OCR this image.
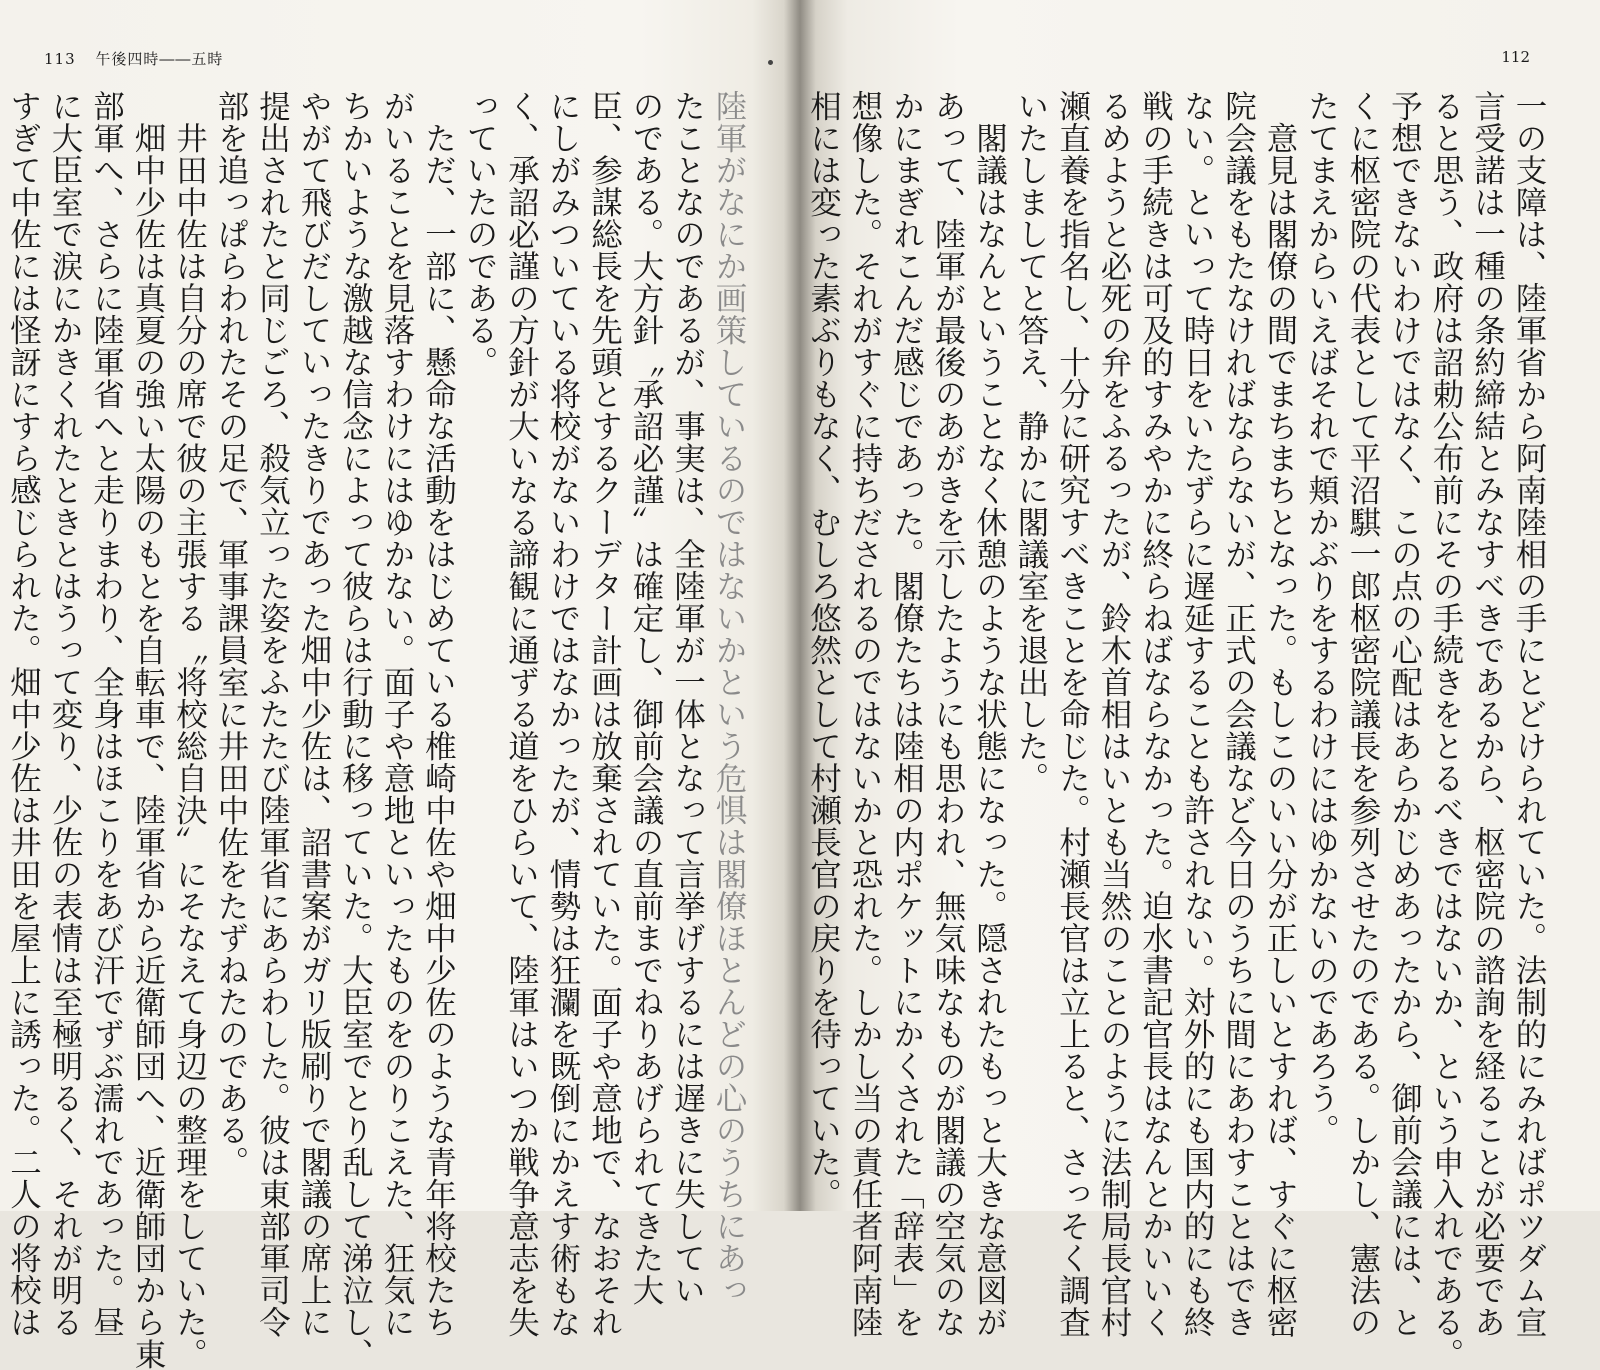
113 午後四時――五時
陸軍がなにか画策しているのではないかという危惧は閣僚ほとんどの心のうちにあっ
たことなのであるが、事実は、全陸軍が一体となって言挙げするには遅きに失してい
のである。大方針〝承詔必謹〟は確定し、御前会議の直前までねりあげられてきた大
臣、参謀総長を先頭とするクーデター計画は放棄されていた。面子や意地で、なおそれ
にしがみついている将校がないわけではなかったが、情勢は狂瀾を既倒にかえす術もな
く、承詔必謹の方針が大いなる諦観に通ずる道をひらいて、陸軍はいつか戦争意志を失
っていたのである。
　ただ、一部に、懸命な活動をはじめている椎崎中佐や畑中少佐のような青年将校たち
がいることを見落すわけにはゆかない。面子や意地といったものをのりこえた、狂気に
ちかいような激越な信念によって彼らは行動に移っていた。大臣室でとり乱して涕泣し、
やがて飛びだしていったきりであった畑中少佐は、詔書案がガリ版刷りで閣議の席上に
提出されたと同じごろ、殺気立った姿をふたたび陸軍省にあらわした。彼は東部軍司令
部を追っぱらわれたその足で、軍事課員室に井田中佐をたずねたのである。
　井田中佐は自分の席で彼の主張する〝将校総自決〟にそなえて身辺の整理をしていた。
　畑中少佐は真夏の強い太陽のもとを自転車で、陸軍省から近衛師団へ、近衛師団から東
部軍へ、さらに陸軍省へと走りまわり、全身はほこりをあび汗でずぶ濡れであった。昼
に大臣室で涙にかきくれたときとはうって変り、少佐の表情は至極明るく、それが明る
すぎて中佐には怪訝にすら感じられた。畑中少佐は井田を屋上に誘った。二人の将校は
112
一の支障は、陸軍省から阿南陸相の手にとどけられていた。法制的にみればポツダム宣
言受諾は一種の条約締結とみなすべきであるから、枢密院の諮詢を経ることが必要であ
ると思う、政府は詔勅公布前にその手続きをとるべきではないか、という申入れである。
予想できないわけではなく、この点の心配はあらかじめあったから、御前会議には、と
くに枢密院の代表として平沼騏一郎枢密院議長を参列させたのである。しかし、憲法の
たてまえからいえばそれで頬かぶりをするわけにはゆかないのであろう。
　意見は閣僚の間でまちまちとなった。もしこのいい分が正しいとすれば、すぐに枢密
院会議をもたなければならないが、正式の会議など今日のうちに間にあわすことはでき
ない。といって時日をいたずらに遅延することも許されない。対外的にも国内的にも終
戦の手続きは可及的すみやかに終らねばならなかった。迫水書記官長はなんとかいいく
るめようと必死の弁をふるったが、鈴木首相はいとも当然のことのように法制局長官村
瀬直養を指名し、十分に研究すべきことを命じた。村瀬長官は立上ると、さっそく調査
いたしましてと答え、静かに閣議室を退出した。
　閣議はなんということなく休憩のような状態になった。隠されたもっと大きな意図が
あって、陸軍が最後のあがきを示したようにも思われ、無気味なものが閣議の空気のな
かにまぎれこんだ感じであった。閣僚たちは陸相の内ポケットにかくされた「辞表」を
想像した。それがすぐに持ちだされるのではないかと恐れた。しかし当の責任者阿南陸
相には変った素ぶりもなく、むしろ悠然として村瀬長官の戻りを待っていた。
